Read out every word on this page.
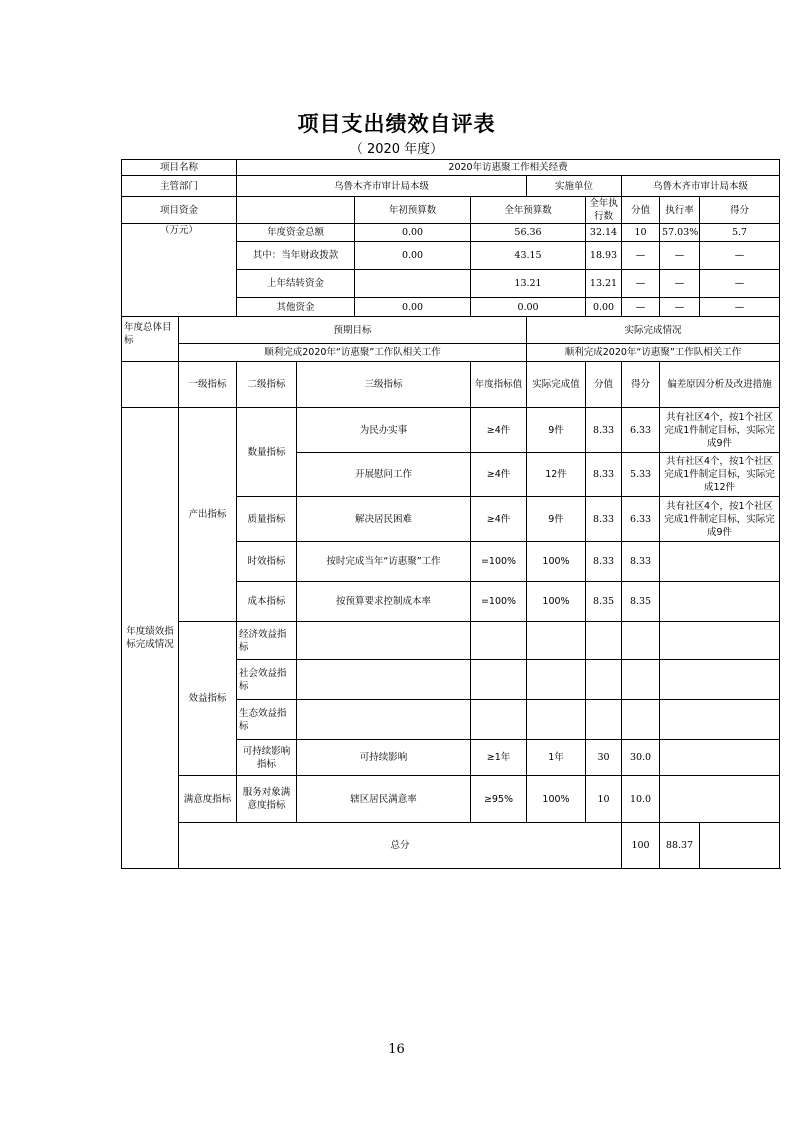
项目支出绩效自评表
（ 2020 年度）
项目名称		2020年访惠聚工作相关经费								
主管部门		乌鲁木齐市审计局本级				实施单位		乌鲁木齐市审计局本级		
项目资金				年初预算数	全年预算数		全年执行数	分值	执行率	得分
（万元）		年度资金总额		0.00	56.36		32.14	10	57.03%	5.7
		其中：当年财政拨款		0.00	43.15		18.93	—	—	—
		上年结转资金			13.21		13.21	—	—	—
		其他资金		0.00	0.00		0.00	—	—	—
年度总体目标	预期目标					实际完成情况				
	顺利完成2020年“访惠聚”工作队相关工作					顺利完成2020年“访惠聚”工作队相关工作				
	一级指标	二级指标	三级指标		年度指标值	实际完成值	分值	得分	偏差原因分析及改进措施	
年度绩效指标完成情况	产出指标	数量指标	为民办实事		≥4件	9件	8.33	6.33	共有社区4个，按1个社区完成1件制定目标，实际完成9件	
			开展慰问工作		≥4件	12件	8.33	5.33	共有社区4个，按1个社区完成1件制定目标，实际完成12件	
		质量指标	解决居民困难		≥4件	9件	8.33	6.33	共有社区4个，按1个社区完成1件制定目标，实际完成9件	
		时效指标	按时完成当年“访惠聚”工作		=100%	100%	8.33	8.33		
		成本指标	按预算要求控制成本率		=100%	100%	8.35	8.35		
	效益指标	经济效益指标								
		社会效益指标								
		生态效益指标								
		可持续影响指标	可持续影响		≥1年	1年	30	30.0		
	满意度指标	服务对象满意度指标	辖区居民满意率		≥95%	100%	10	10.0		
	总分							100	88.37	
16
